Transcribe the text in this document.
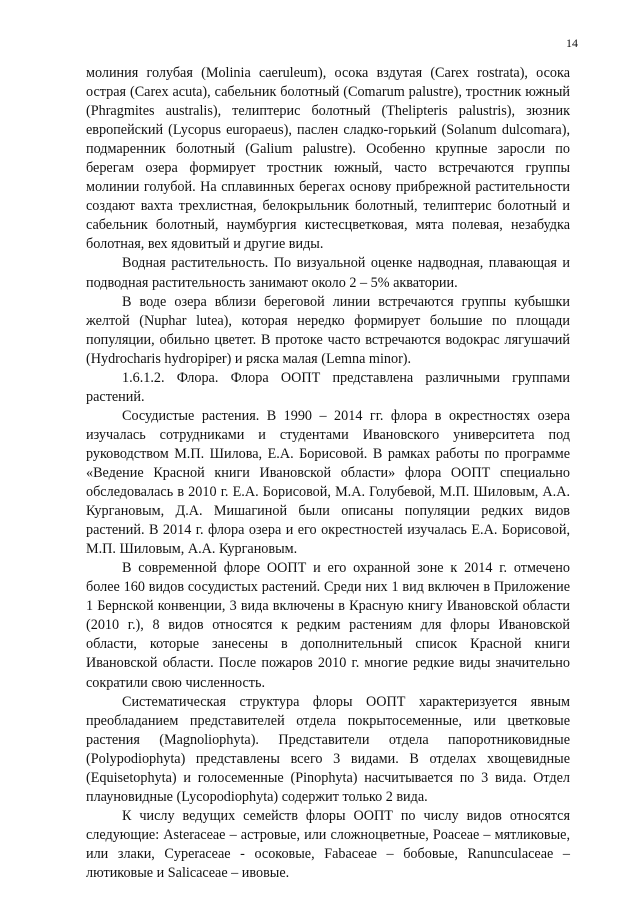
14

молиния голубая (Molinia caeruleum), осока вздутая (Carex rostrata), осока острая (Carex acuta), сабельник болотный (Comarum palustre), тростник южный (Phragmites australis), телиптерис болотный (Thelipteris palustris), зюзник европейский (Lycopus europaeus), паслен сладко-горький (Solanum dulcomara), подмаренник болотный (Galium palustre). Особенно крупные заросли по берегам озера формирует тростник южный, часто встречаются группы молинии голубой. На сплавинных берегах основу прибрежной растительности создают вахта трехлистная, белокрыльник болотный, телиптерис болотный и сабельник болотный, наумбургия кистесцветковая, мята полевая, незабудка болотная, вех ядовитый и другие виды.

Водная растительность. По визуальной оценке надводная, плавающая и подводная растительность занимают около 2 – 5% акватории.

В воде озера вблизи береговой линии встречаются группы кубышки желтой (Nuphar lutea), которая нередко формирует большие по площади популяции, обильно цветет. В протоке часто встречаются водокрас лягушачий (Hydrocharis hydropiper) и ряска малая (Lemna minor).

1.6.1.2. Флора. Флора ООПТ представлена различными группами растений.

Сосудистые растения. В 1990 – 2014 гг. флора в окрестностях озера изучалась сотрудниками и студентами Ивановского университета под руководством М.П. Шилова, Е.А. Борисовой. В рамках работы по программе «Ведение Красной книги Ивановской области» флора ООПТ специально обследовалась в 2010 г. Е.А. Борисовой, М.А. Голубевой, М.П. Шиловым, А.А. Кургановым, Д.А. Мишагиной были описаны популяции редких видов растений. В 2014 г. флора озера и его окрестностей изучалась Е.А. Борисовой, М.П. Шиловым, А.А. Кургановым.

В современной флоре ООПТ и его охранной зоне к 2014 г. отмечено более 160 видов сосудистых растений. Среди них 1 вид включен в Приложение 1 Бернской конвенции, 3 вида включены в Красную книгу Ивановской области (2010 г.), 8 видов относятся к редким растениям для флоры Ивановской области, которые занесены в дополнительный список Красной книги Ивановской области. После пожаров 2010 г. многие редкие виды значительно сократили свою численность.

Систематическая структура флоры ООПТ характеризуется явным преобладанием представителей отдела покрытосеменные, или цветковые растения (Magnoliophyta). Представители отдела папоротниковидные (Polypodiophyta) представлены всего 3 видами. В отделах хвощевидные (Equisetophyta) и голосеменные (Pinophyta) насчитывается по 3 вида. Отдел плауновидные (Lycopodiophyta) содержит только 2 вида.

К числу ведущих семейств флоры ООПТ по числу видов относятся следующие: Asteraceae – астровые, или сложноцветные, Poaceae – мятликовые, или злаки, Cyperaceae - осоковые, Fabaceae – бобовые, Ranunculaceae – лютиковые и Salicaceae – ивовые.
